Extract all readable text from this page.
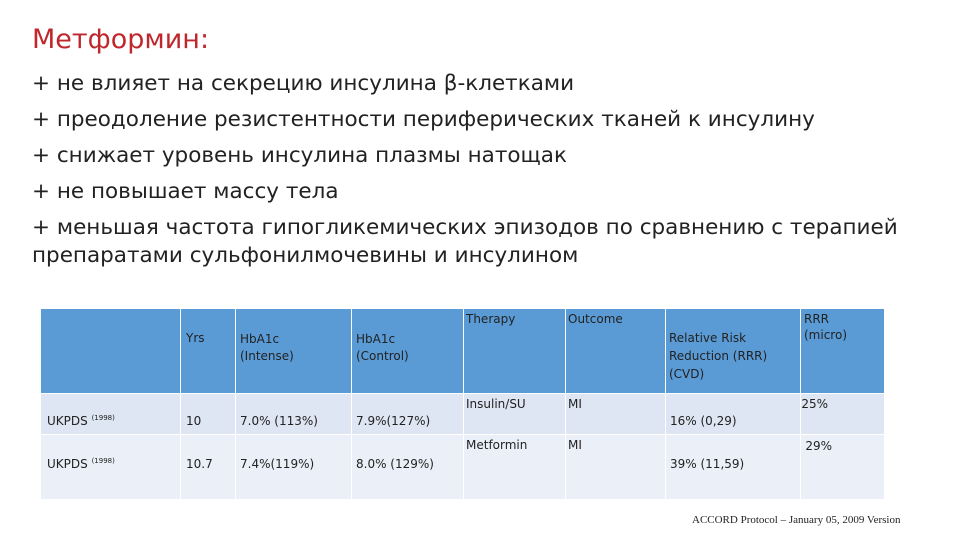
Метформин:
+ не влияет на секрецию инсулина β-клетками
+ преодоление резистентности периферических тканей к инсулину
+ снижает уровень инсулина плазмы натощак
+ не повышает массу тела
+ меньшая частота гипогликемических эпизодов по сравнению с терапией препаратами сульфонилмочевины и инсулином

	Yrs	HbA1c (Intense)	HbA1c (Control)	Therapy	Outcome	Relative Risk Reduction (RRR) (CVD)	RRR (micro)

UKPDS $^{(1998)}$	10	7.0% (113%)	7.9%(127%)	Insulin/SU	MI	16% (0,29)	25%

UKPDS $^{(1998)}$	10.7	7.4%(119%)	8.0% (129%)	Metformin	MI	39% (11,59)	29%
ACCORD Protocol – January 05, 2009 Version
